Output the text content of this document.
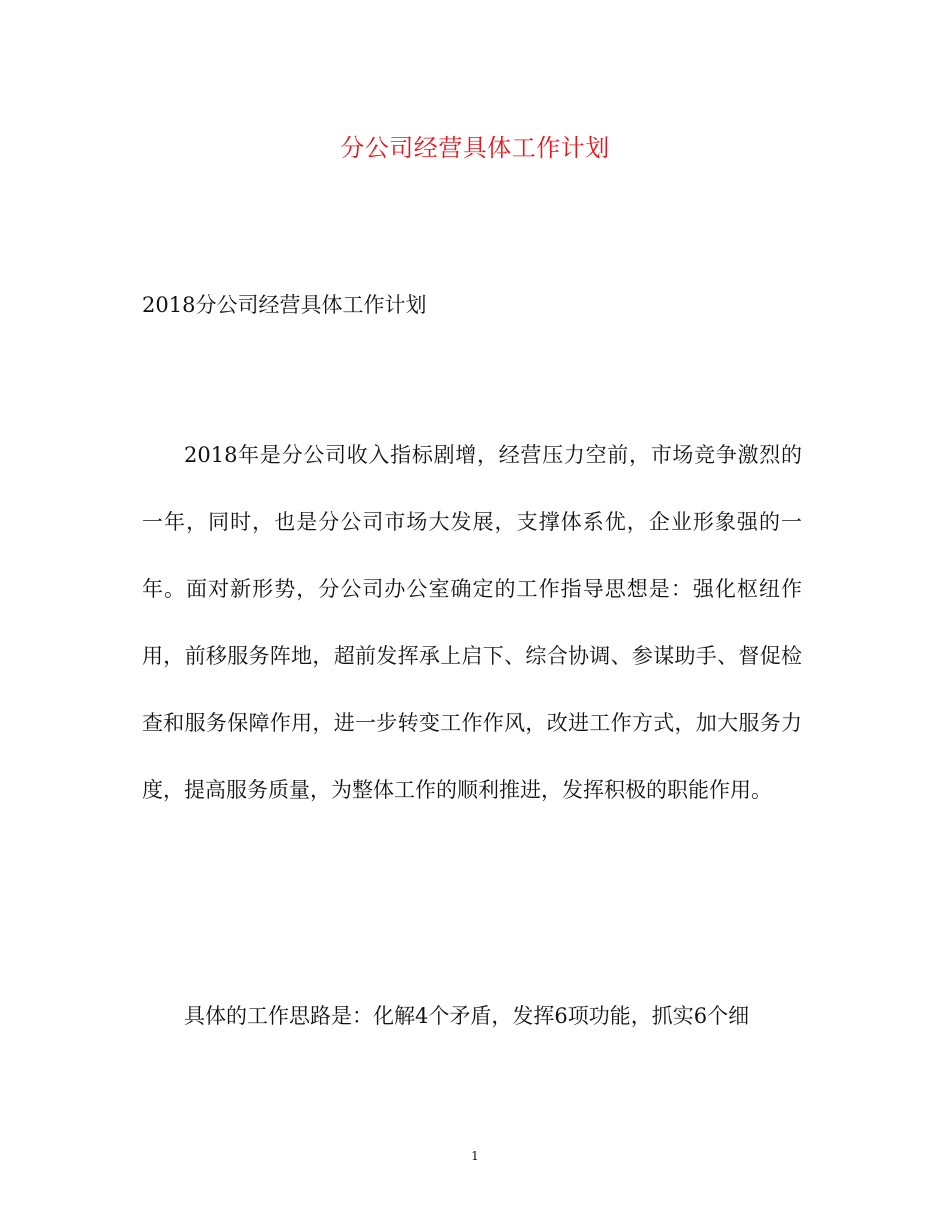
分公司经营具体工作计划
2018分公司经营具体工作计划

2018年是分公司收入指标剧增，经营压力空前，市场竞争激烈的一年，同时，也是分公司市场大发展，支撑体系优，企业形象强的一年。面对新形势，分公司办公室确定的工作指导思想是：强化枢纽作用，前移服务阵地，超前发挥承上启下、综合协调、参谋助手、督促检查和服务保障作用，进一步转变工作作风，改进工作方式，加大服务力度，提高服务质量，为整体工作的顺利推进，发挥积极的职能作用。

具体的工作思路是：化解4个矛盾，发挥6项功能，抓实6个细

1
